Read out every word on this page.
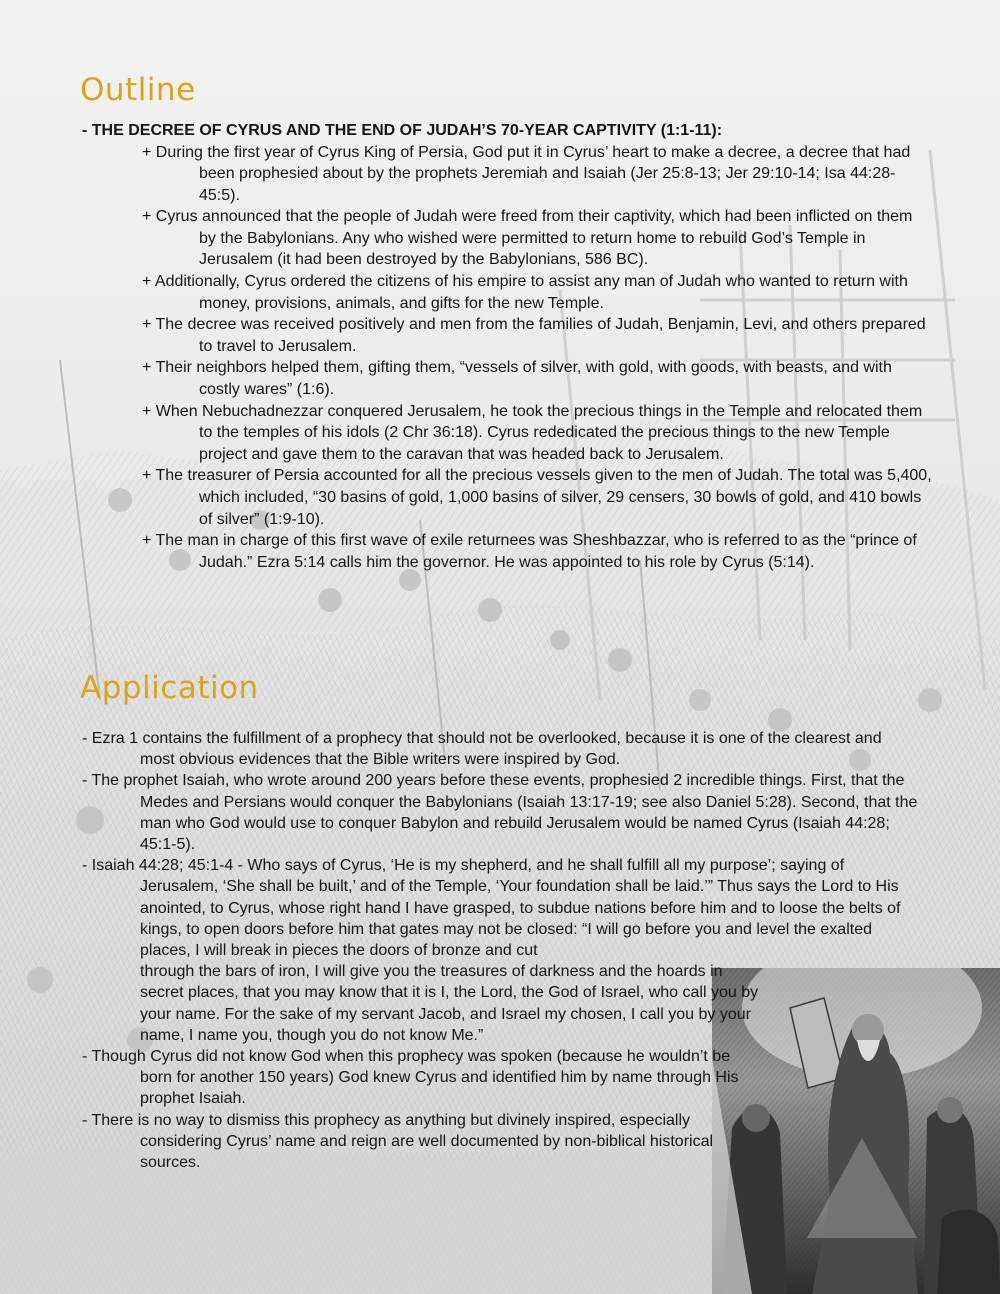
Outline

- THE DECREE OF CYRUS AND THE END OF JUDAH’S 70-YEAR CAPTIVITY (1:1-11):

+ During the first year of Cyrus King of Persia, God put it in Cyrus’ heart to make a decree, a decree that had been prophesied about by the prophets Jeremiah and Isaiah (Jer 25:8-13; Jer 29:10-14; Isa 44:28-45:5).

+ Cyrus announced that the people of Judah were freed from their captivity, which had been inflicted on them by the Babylonians. Any who wished were permitted to return home to rebuild God’s Temple in Jerusalem (it had been destroyed by the Babylonians, 586 BC).

+ Additionally, Cyrus ordered the citizens of his empire to assist any man of Judah who wanted to return with money, provisions, animals, and gifts for the new Temple.

+ The decree was received positively and men from the families of Judah, Benjamin, Levi, and others prepared to travel to Jerusalem.

+ Their neighbors helped them, gifting them, “vessels of silver, with gold, with goods, with beasts, and with costly wares” (1:6).

+ When Nebuchadnezzar conquered Jerusalem, he took the precious things in the Temple and relocated them to the temples of his idols (2 Chr 36:18). Cyrus rededicated the precious things to the new Temple project and gave them to the caravan that was headed back to Jerusalem.

+ The treasurer of Persia accounted for all the precious vessels given to the men of Judah. The total was 5,400, which included, “30 basins of gold, 1,000 basins of silver, 29 censers, 30 bowls of gold, and 410 bowls of silver” (1:9-10).

+ The man in charge of this first wave of exile returnees was Sheshbazzar, who is referred to as the “prince of Judah.” Ezra 5:14 calls him the governor. He was appointed to his role by Cyrus (5:14).

Application

- Ezra 1 contains the fulfillment of a prophecy that should not be overlooked, because it is one of the clearest and most obvious evidences that the Bible writers were inspired by God.

- The prophet Isaiah, who wrote around 200 years before these events, prophesied 2 incredible things. First, that the Medes and Persians would conquer the Babylonians (Isaiah 13:17-19; see also Daniel 5:28). Second, that the man who God would use to conquer Babylon and rebuild Jerusalem would be named Cyrus (Isaiah 44:28; 45:1-5).

- Isaiah 44:28; 45:1-4 - Who says of Cyrus, ‘He is my shepherd, and he shall fulfill all my purpose’; saying of Jerusalem, ‘She shall be built,’ and of the Temple, ‘Your foundation shall be laid.’” Thus says the Lord to His anointed, to Cyrus, whose right hand I have grasped, to subdue nations before him and to loose the belts of kings, to open doors before him that gates may not be closed: “I will go before you and level the exalted places, I will break in pieces the doors of bronze and cut

through the bars of iron, I will give you the treasures of darkness and the hoards in secret places, that you may know that it is I, the Lord, the God of Israel, who call you by your name. For the sake of my servant Jacob, and Israel my chosen, I call you by your name, I name you, though you do not know Me.”

- Though Cyrus did not know God when this prophecy was spoken (because he wouldn’t be born for another 150 years) God knew Cyrus and identified him by name through His prophet Isaiah.

- There is no way to dismiss this prophecy as anything but divinely inspired, especially considering Cyrus’ name and reign are well documented by non-biblical historical sources.
